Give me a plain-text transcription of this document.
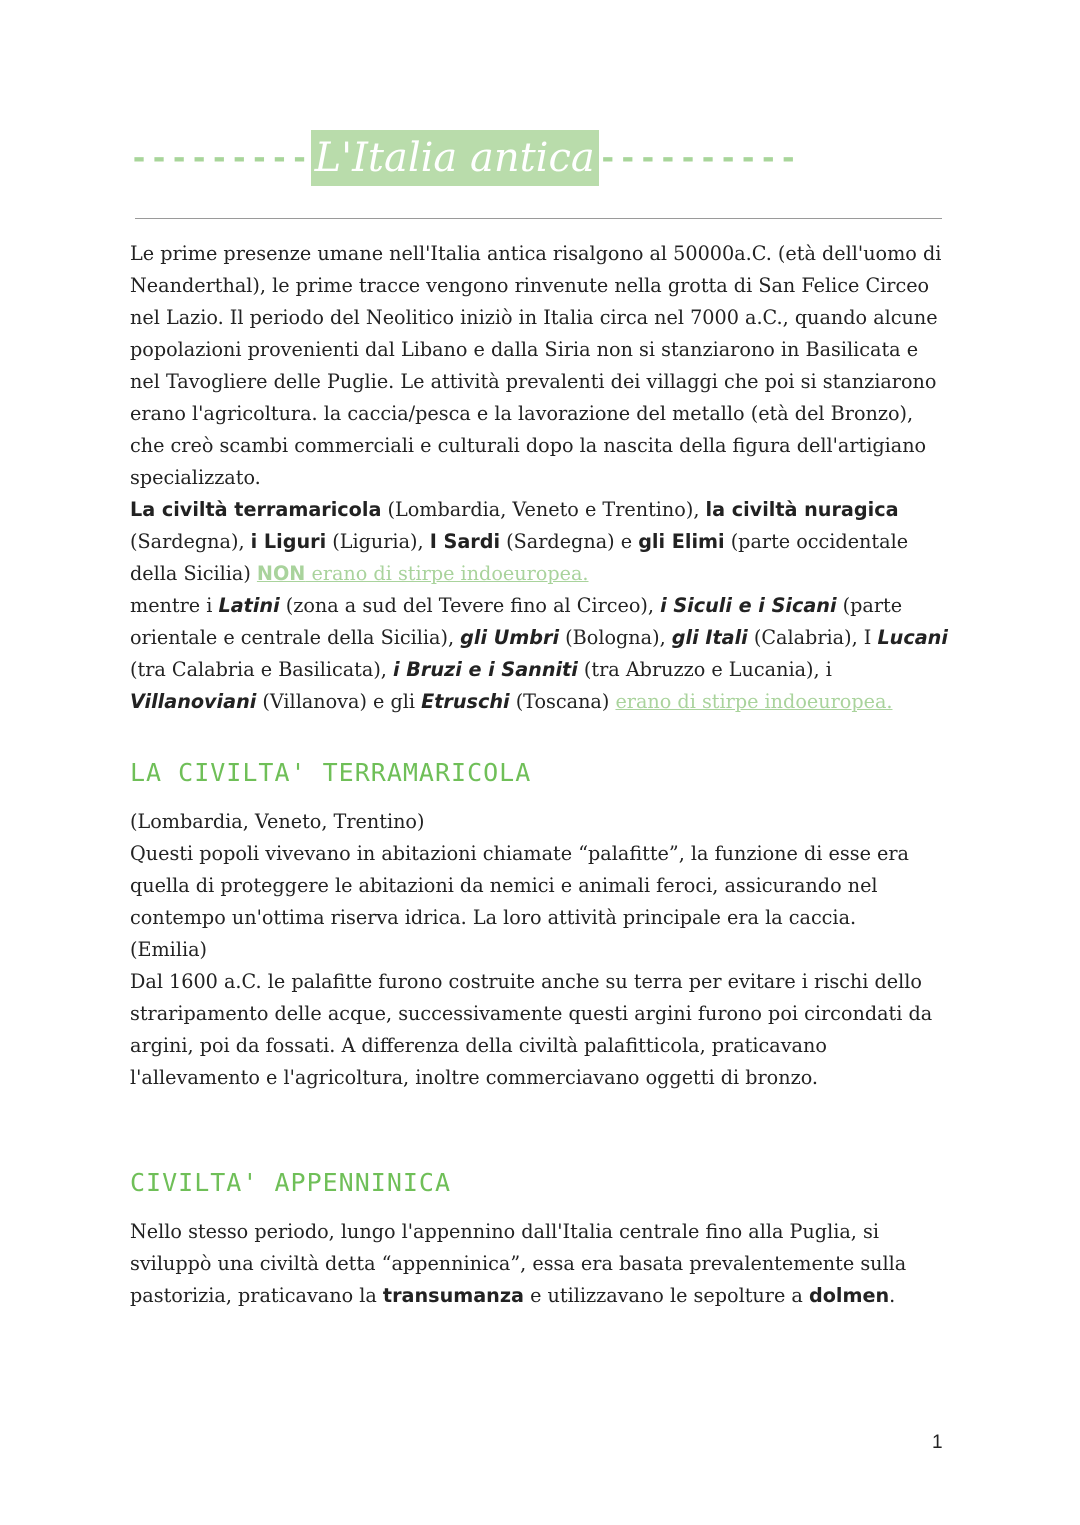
--------- L'Italia antica ----------

Le prime presenze umane nell'Italia antica risalgono al 50000a.C. (età dell'uomo di Neanderthal), le prime tracce vengono rinvenute nella grotta di San Felice Circeo nel Lazio. Il periodo del Neolitico iniziò in Italia circa nel 7000 a.C., quando alcune popolazioni provenienti dal Libano e dalla Siria non si stanziarono in Basilicata e nel Tavogliere delle Puglie. Le attività prevalenti dei villaggi che poi si stanziarono erano l'agricoltura. la caccia/pesca e la lavorazione del metallo (età del Bronzo), che creò scambi commerciali e culturali dopo la nascita della figura dell'artigiano specializzato.

La civiltà terramaricola (Lombardia, Veneto e Trentino), la civiltà nuragica (Sardegna), i Liguri (Liguria), I Sardi (Sardegna) e gli Elimi (parte occidentale della Sicilia) NON erano di stirpe indoeuropea.

mentre i Latini (zona a sud del Tevere fino al Circeo), i Siculi e i Sicani (parte orientale e centrale della Sicilia), gli Umbri (Bologna), gli Itali (Calabria), I Lucani (tra Calabria e Basilicata), i Bruzi e i Sanniti (tra Abruzzo e Lucania), i Villanoviani (Villanova) e gli Etruschi (Toscana) erano di stirpe indoeuropea.

LA CIVILTA' TERRAMARICOLA

(Lombardia, Veneto, Trentino)

Questi popoli vivevano in abitazioni chiamate “palafitte”, la funzione di esse era quella di proteggere le abitazioni da nemici e animali feroci, assicurando nel contempo un'ottima riserva idrica. La loro attività principale era la caccia.

(Emilia)

Dal 1600 a.C. le palafitte furono costruite anche su terra per evitare i rischi dello straripamento delle acque, successivamente questi argini furono poi circondati da argini, poi da fossati. A differenza della civiltà palafitticola, praticavano l'allevamento e l'agricoltura, inoltre commerciavano oggetti di bronzo.

CIVILTA' APPENNINICA

Nello stesso periodo, lungo l'appennino dall'Italia centrale fino alla Puglia, si sviluppò una civiltà detta “appenninica”, essa era basata prevalentemente sulla pastorizia, praticavano la transumanza e utilizzavano le sepolture a dolmen.

1
